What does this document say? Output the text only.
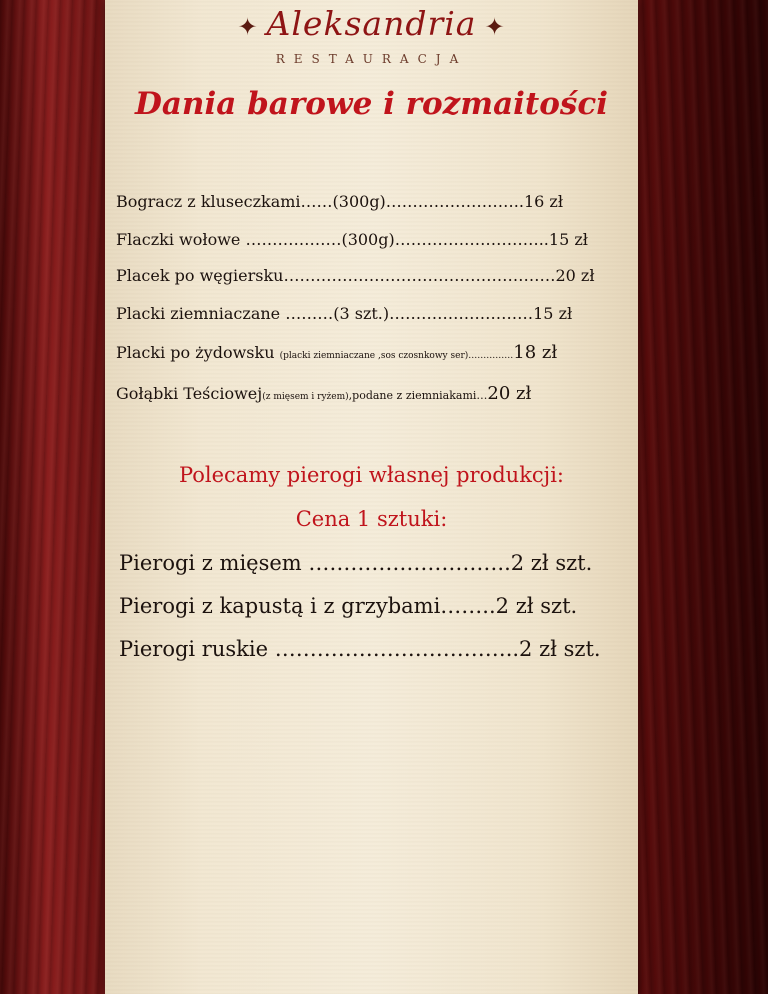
✦ Aleksandria ✦
RESTAURACJA
Dania barowe i rozmaitości
Bogracz z kluseczkami……(300g)……………………..16 zł
Flaczki wołowe ………………(300g)………………………..15 zł
Placek po węgiersku……………………………………………20 zł
Placki ziemniaczane ………(3 szt.)………………………15 zł
Placki po żydowsku (placki ziemniaczane ,sos czosnkowy ser)……………18 zł
Gołąbki Teściowej(z mięsem i ryżem),podane z ziemniakami…20 zł
Polecamy pierogi własnej produkcji:
Cena 1 sztuki:
Pierogi z mięsem ………………………..2 zł szt.
Pierogi z kapustą i z grzybami……..2 zł szt.
Pierogi ruskie ……………………………..2 zł szt.
